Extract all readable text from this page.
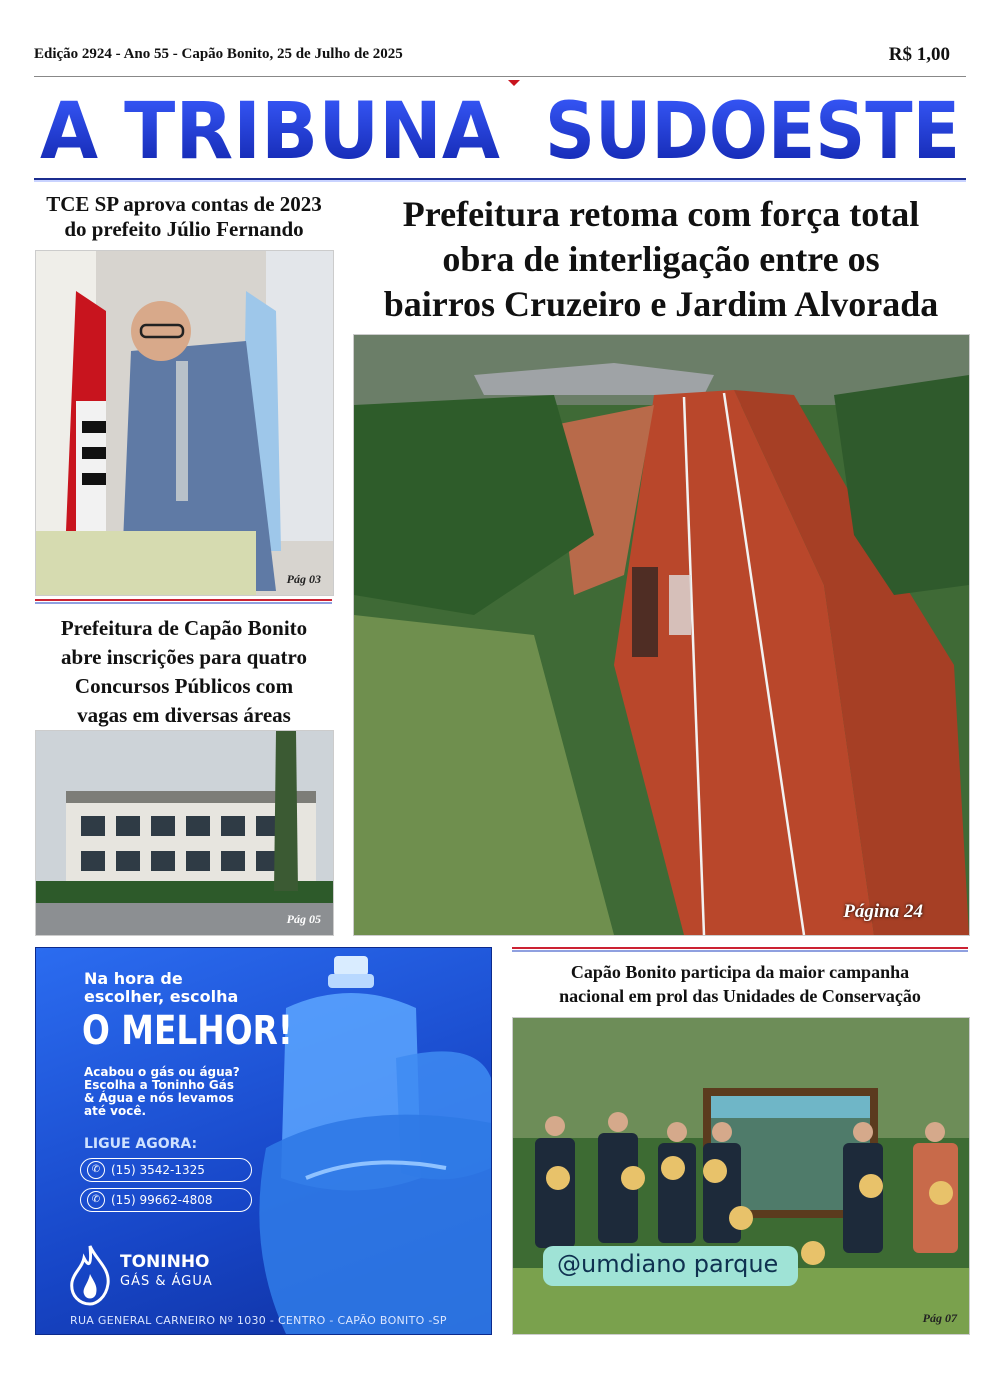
Edição 2924 - Ano 55 - Capão Bonito, 25 de Julho de 2025	R$ 1,00
A TRIBUNA SUDOESTE
TCE SP aprova contas de 2023
do prefeito Júlio Fernando
Pág 03
Prefeitura retoma com força total
obra de interligação entre os
bairros Cruzeiro e Jardim Alvorada
Página 24
Prefeitura de Capão Bonito
abre inscrições para quatro
Concursos Públicos com
vagas em diversas áreas
Pág 05
Na hora de
escolher, escolha
O MELHOR!
Acabou o gás ou água?
Escolha a Toninho Gás
& Água e nós levamos
até você.
LIGUE AGORA:
✆ (15) 3542-1325
✆ (15) 99662-4808
TONINHO
GÁS & ÁGUA
RUA GENERAL CARNEIRO Nº 1030 - CENTRO - CAPÃO BONITO -SP
Capão Bonito participa da maior campanha
nacional em prol das Unidades de Conservação
@umdiano parque
Pág 07
